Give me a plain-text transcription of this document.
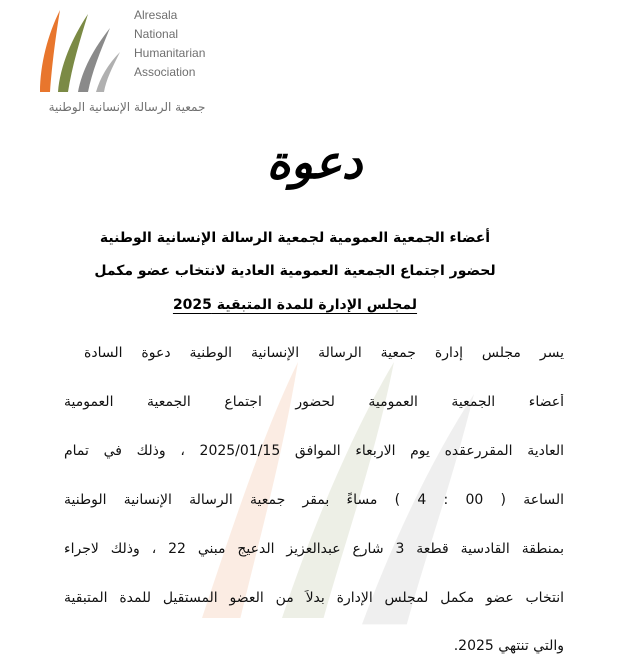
Alresala
National
Humanitarian
Association
جمعية الرسالة الإنسانية الوطنية
دعوة
أعضاء الجمعية العمومية لجمعية الرسالة الإنسانية الوطنية
لحضور اجتماع الجمعية العمومية العادية لانتخاب عضو مكمل
لمجلس الإدارة للمدة المتبقية 2025
يسر مجلس إدارة جمعية الرسالة الإنسانية الوطنية دعوة السادة
أعضاء الجمعية العمومية لحضور اجتماع الجمعية العمومية
العادية المقررعقده يوم الاربعاء الموافق 2025/01/15 ، وذلك في تمام
الساعة ( 00 : 4 ) مساءً بمقر جمعية الرسالة الإنسانية الوطنية
بمنطقة القادسية قطعة 3 شارع عبدالعزيز الدعيج مبني 22 ، وذلك لاجراء
انتخاب عضو مكمل لمجلس الإدارة بدلاً من العضو المستقيل للمدة المتبقية
والتي تنتهي 2025.
